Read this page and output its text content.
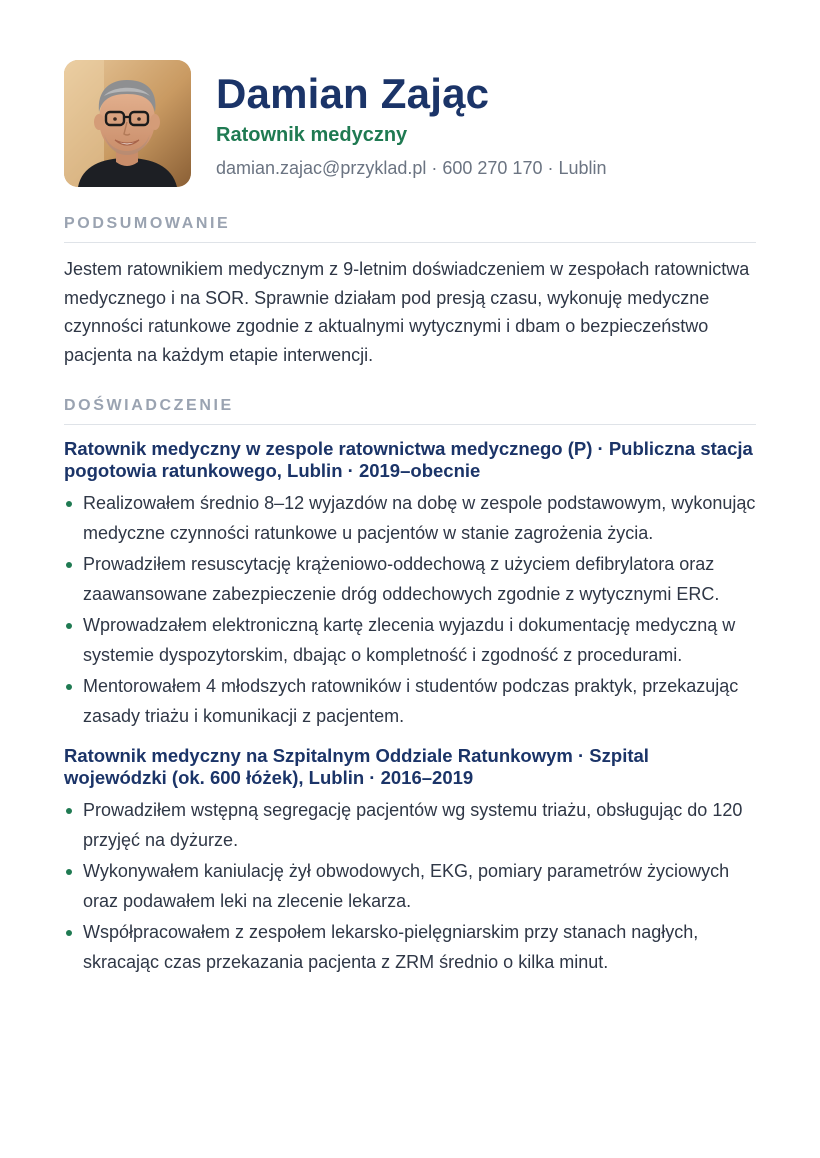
Damian Zając
Ratownik medyczny
damian.zajac@przyklad.pl · 600 270 170 · Lublin
PODSUMOWANIE
Jestem ratownikiem medycznym z 9-letnim doświadczeniem w zespołach ratownictwa medycznego i na SOR. Sprawnie działam pod presją czasu, wykonuję medyczne czynności ratunkowe zgodnie z aktualnymi wytycznymi i dbam o bezpieczeństwo pacjenta na każdym etapie interwencji.
DOŚWIADCZENIE
Ratownik medyczny w zespole ratownictwa medycznego (P) · Publiczna stacja pogotowia ratunkowego, Lublin · 2019–obecnie
Realizowałem średnio 8–12 wyjazdów na dobę w zespole podstawowym, wykonując medyczne czynności ratunkowe u pacjentów w stanie zagrożenia życia.
Prowadziłem resuscytację krążeniowo-oddechową z użyciem defibrylatora oraz zaawansowane zabezpieczenie dróg oddechowych zgodnie z wytycznymi ERC.
Wprowadzałem elektroniczną kartę zlecenia wyjazdu i dokumentację medyczną w systemie dyspozytorskim, dbając o kompletność i zgodność z procedurami.
Mentorowałem 4 młodszych ratowników i studentów podczas praktyk, przekazując zasady triażu i komunikacji z pacjentem.
Ratownik medyczny na Szpitalnym Oddziale Ratunkowym · Szpital wojewódzki (ok. 600 łóżek), Lublin · 2016–2019
Prowadziłem wstępną segregację pacjentów wg systemu triażu, obsługując do 120 przyjęć na dyżurze.
Wykonywałem kaniulację żył obwodowych, EKG, pomiary parametrów życiowych oraz podawałem leki na zlecenie lekarza.
Współpracowałem z zespołem lekarsko-pielęgniarskim przy stanach nagłych, skracając czas przekazania pacjenta z ZRM średnio o kilka minut.
